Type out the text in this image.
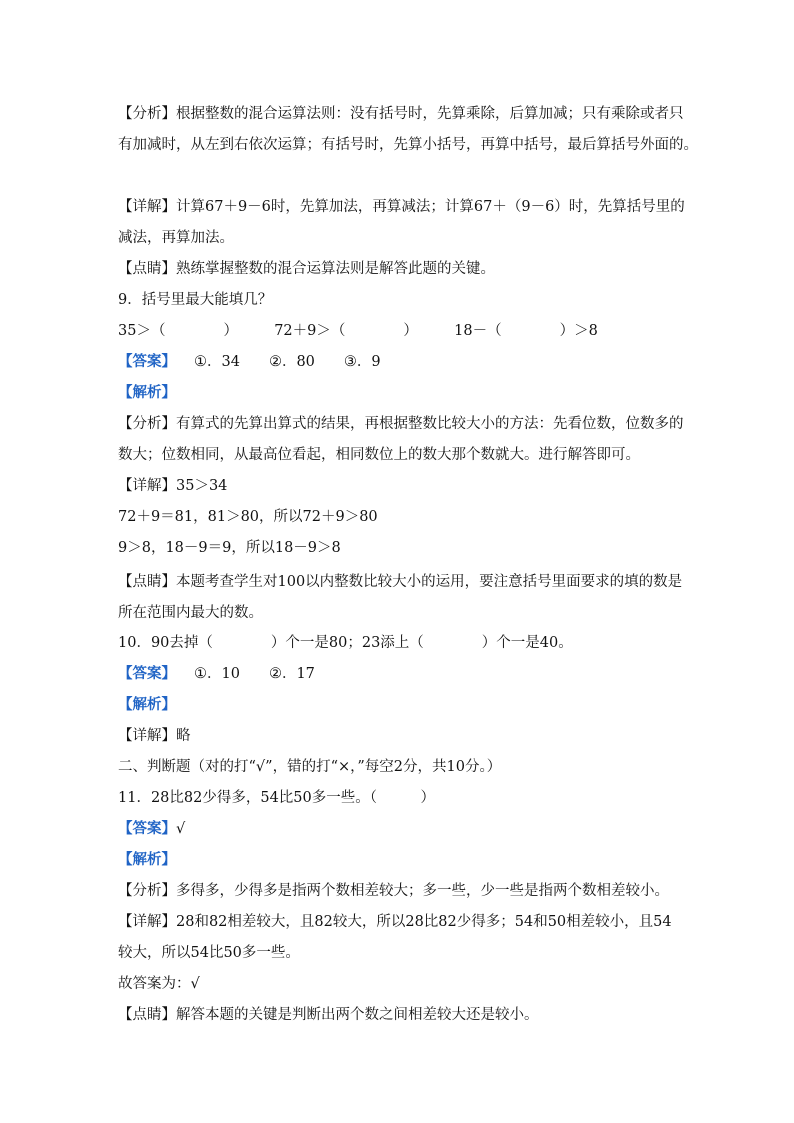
【分析】根据整数的混合运算法则：没有括号时，先算乘除，后算加减；只有乘除或者只
有加减时，从左到右依次运算；有括号时，先算小括号，再算中括号，最后算括号外面的。
【详解】计算67＋9－6时，先算加法，再算减法；计算67＋（9－6）时，先算括号里的
减法，再算加法。
【点睛】熟练掌握整数的混合运算法则是解答此题的关键。
9．括号里最大能填几？
35＞（　　　　）　　　72＋9＞（　　　　）　　　18－（　　　　）＞8
【答案】 ①．34　　②．80　　③．9
【解析】
【分析】有算式的先算出算式的结果，再根据整数比较大小的方法：先看位数，位数多的
数大；位数相同，从最高位看起，相同数位上的数大那个数就大。进行解答即可。
【详解】35＞34
72＋9＝81，81＞80，所以72＋9＞80
9＞8，18－9＝9，所以18－9＞8
【点睛】本题考查学生对100以内整数比较大小的运用，要注意括号里面要求的填的数是
所在范围内最大的数。
10．90去掉（　　　　）个一是80；23添上（　　　　）个一是40。
【答案】 ①．10　　②．17
【解析】
【详解】略
二、判断题（对的打“√”，错的打“×，”每空2分，共10分。）
11．28比82少得多，54比50多一些。（　　　）
【答案】√
【解析】
【分析】多得多，少得多是指两个数相差较大；多一些，少一些是指两个数相差较小。
【详解】28和82相差较大，且82较大，所以28比82少得多；54和50相差较小，且54
较大，所以54比50多一些。
故答案为：√
【点睛】解答本题的关键是判断出两个数之间相差较大还是较小。
